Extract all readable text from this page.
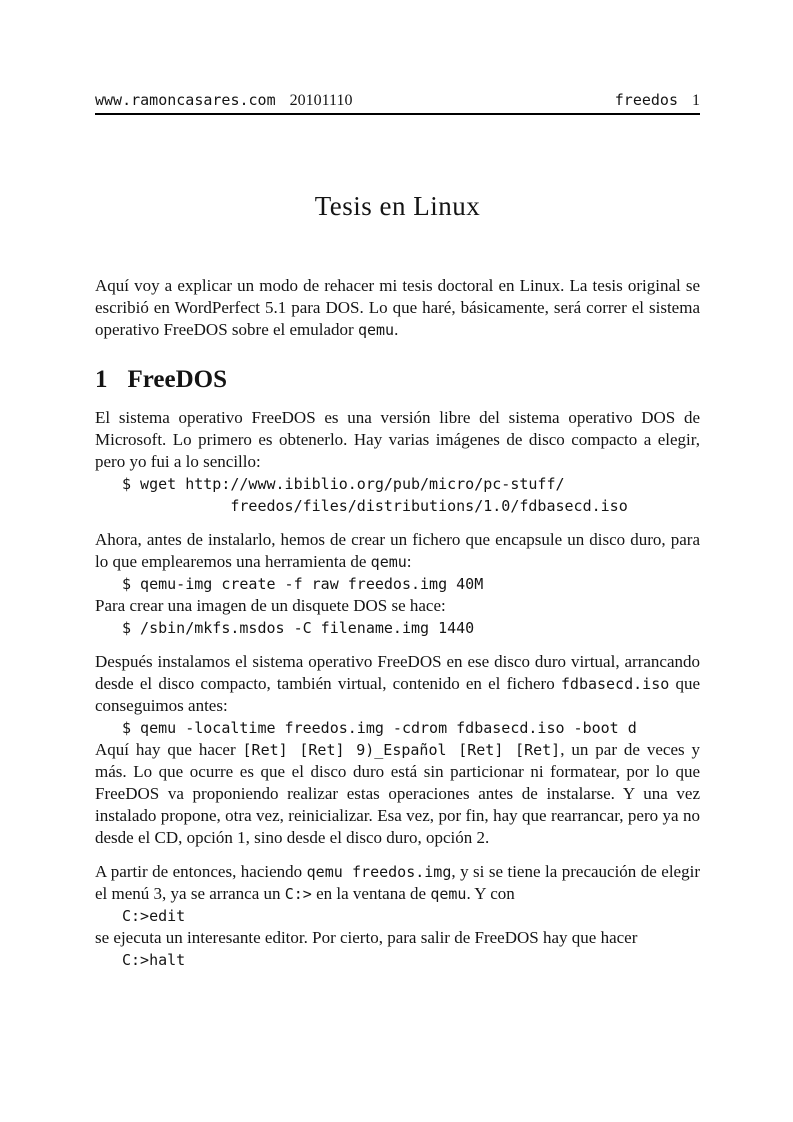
www.ramoncasares.com 20101110	freedos 1
Tesis en Linux

Aquí voy a explicar un modo de rehacer mi tesis doctoral en Linux. La tesis original se escribió en WordPerfect 5.1 para DOS. Lo que haré, básicamente, será correr el sistema operativo FreeDOS sobre el emulador qemu.

1 FreeDOS

El sistema operativo FreeDOS es una versión libre del sistema operativo DOS de Microsoft. Lo primero es obtenerlo. Hay varias imágenes de disco compacto a elegir, pero yo fui a lo sencillo:

$ wget http://www.ibiblio.org/pub/micro/pc-stuff/
freedos/files/distributions/1.0/fdbasecd.iso

Ahora, antes de instalarlo, hemos de crear un fichero que encapsule un disco duro, para lo que emplearemos una herramienta de qemu:

$ qemu-img create -f raw freedos.img 40M

Para crear una imagen de un disquete DOS se hace:

$ /sbin/mkfs.msdos -C filename.img 1440

Después instalamos el sistema operativo FreeDOS en ese disco duro virtual, arrancando desde el disco compacto, también virtual, contenido en el fichero fdbasecd.iso que conseguimos antes:

$ qemu -localtime freedos.img -cdrom fdbasecd.iso -boot d

Aquí hay que hacer [Ret] [Ret] 9)_Español [Ret] [Ret], un par de veces y más. Lo que ocurre es que el disco duro está sin particionar ni formatear, por lo que FreeDOS va proponiendo realizar estas operaciones antes de instalarse. Y una vez instalado propone, otra vez, reinicializar. Esa vez, por fin, hay que rearrancar, pero ya no desde el CD, opción 1, sino desde el disco duro, opción 2.

A partir de entonces, haciendo qemu freedos.img, y si se tiene la precaución de elegir el menú 3, ya se arranca un C:> en la ventana de qemu. Y con

C:>edit

se ejecuta un interesante editor. Por cierto, para salir de FreeDOS hay que hacer

C:>halt
